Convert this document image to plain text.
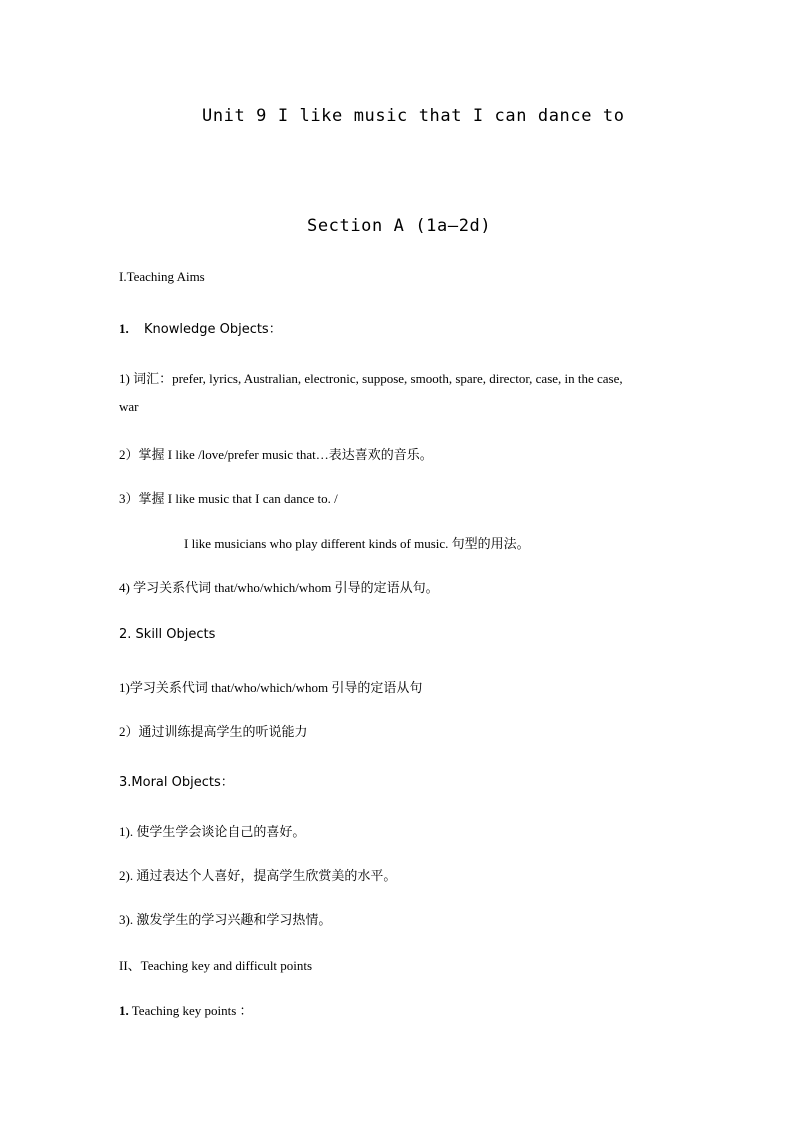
Unit 9 I like music that I can dance to
Section A (1a—2d)
I.Teaching Aims
1. Knowledge Objects：
1) 词汇：prefer, lyrics, Australian, electronic, suppose, smooth, spare, director, case, in the case,
war
2）掌握 I like /love/prefer music that…表达喜欢的音乐。
3）掌握 I like music that I can dance to. /
I like musicians who play different kinds of music. 句型的用法。
4) 学习关系代词 that/who/which/whom 引导的定语从句。
2. Skill Objects
1)学习关系代词 that/who/which/whom 引导的定语从句
2）通过训练提高学生的听说能力
3.Moral Objects：
1). 使学生学会谈论自己的喜好。
2). 通过表达个人喜好，提高学生欣赏美的水平。
3). 激发学生的学习兴趣和学习热情。
II、Teaching key and difficult points
1. Teaching key points ：
